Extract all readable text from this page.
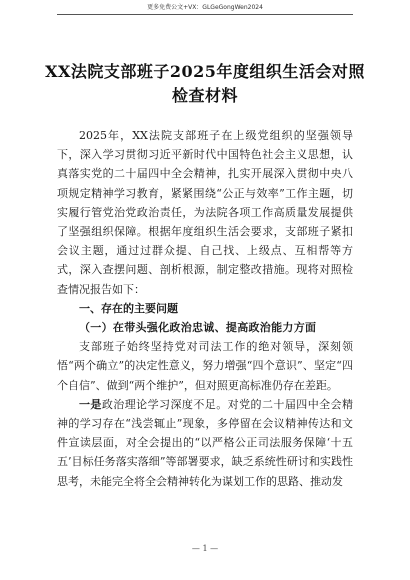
更多免费公文+VX：GLGeGongWen2024
XX法院支部班子2025年度组织生活会对照检查材料

2025年，XX法院支部班子在上级党组织的坚强领导下，深入学习贯彻习近平新时代中国特色社会主义思想，认真落实党的二十届四中全会精神，扎实开展深入贯彻中央八项规定精神学习教育，紧紧围绕“公正与效率”工作主题，切实履行管党治党政治责任，为法院各项工作高质量发展提供了坚强组织保障。根据年度组织生活会要求，支部班子紧扣会议主题，通过过群众提、自己找、上级点、互相帮等方式，深入查摆问题、剖析根源，制定整改措施。现将对照检查情况报告如下：

一、存在的主要问题

（一）在带头强化政治忠诚、提高政治能力方面

支部班子始终坚持党对司法工作的绝对领导，深刻领悟“两个确立”的决定性意义，努力增强“四个意识”、坚定“四个自信”、做到“两个维护”，但对照更高标准仍存在差距。

一是政治理论学习深度不足。对党的二十届四中全会精神的学习存在“浅尝辄止”现象，多停留在会议精神传达和文件宣读层面，对全会提出的“以严格公正司法服务保障‘十五五’目标任务落实落细”等部署要求，缺乏系统性研讨和实践性思考，未能完全将全会精神转化为谋划工作的思路、推动发

— 1 —
